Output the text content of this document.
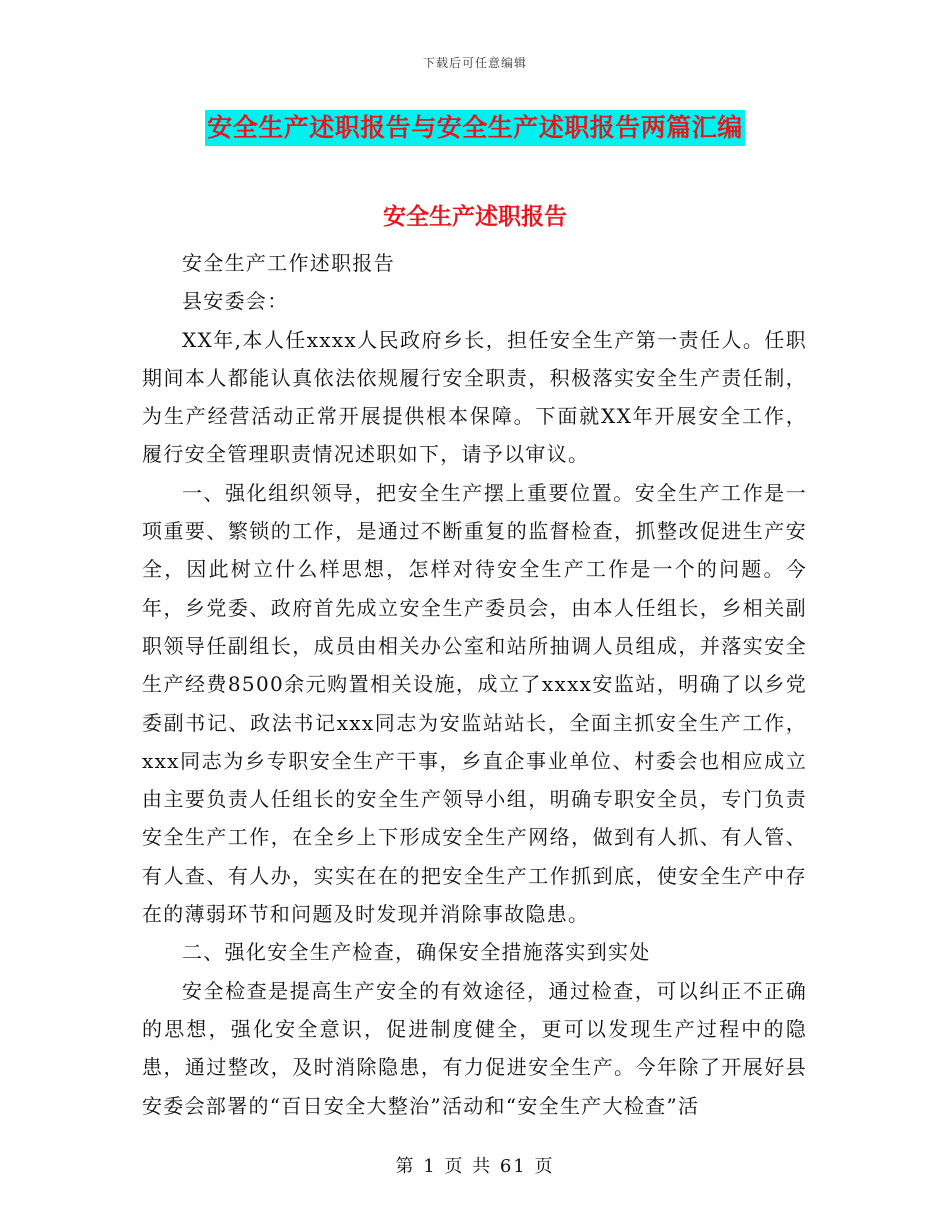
下载后可任意编辑
安全生产述职报告与安全生产述职报告两篇汇编
安全生产述职报告

安全生产工作述职报告

县安委会：

XX年,本人任xxxx人民政府乡长，担任安全生产第一责任人。任职期间本人都能认真依法依规履行安全职责，积极落实安全生产责任制，为生产经营活动正常开展提供根本保障。下面就XX年开展安全工作，履行安全管理职责情况述职如下，请予以审议。

一、强化组织领导，把安全生产摆上重要位置。安全生产工作是一项重要、繁锁的工作，是通过不断重复的监督检查，抓整改促进生产安全，因此树立什么样思想，怎样对待安全生产工作是一个的问题。今年，乡党委、政府首先成立安全生产委员会，由本人任组长，乡相关副职领导任副组长，成员由相关办公室和站所抽调人员组成，并落实安全生产经费8500余元购置相关设施，成立了xxxx安监站，明确了以乡党委副书记、政法书记xxx同志为安监站站长，全面主抓安全生产工作，xxx同志为乡专职安全生产干事，乡直企事业单位、村委会也相应成立由主要负责人任组长的安全生产领导小组，明确专职安全员，专门负责安全生产工作，在全乡上下形成安全生产网络，做到有人抓、有人管、有人查、有人办，实实在在的把安全生产工作抓到底，使安全生产中存在的薄弱环节和问题及时发现并消除事故隐患。

二、强化安全生产检查，确保安全措施落实到实处

安全检查是提高生产安全的有效途径，通过检查，可以纠正不正确的思想，强化安全意识，促进制度健全，更可以发现生产过程中的隐患，通过整改，及时消除隐患，有力促进安全生产。今年除了开展好县安委会部署的“百日安全大整治”活动和“安全生产大检查”活

第 1 页 共 61 页
